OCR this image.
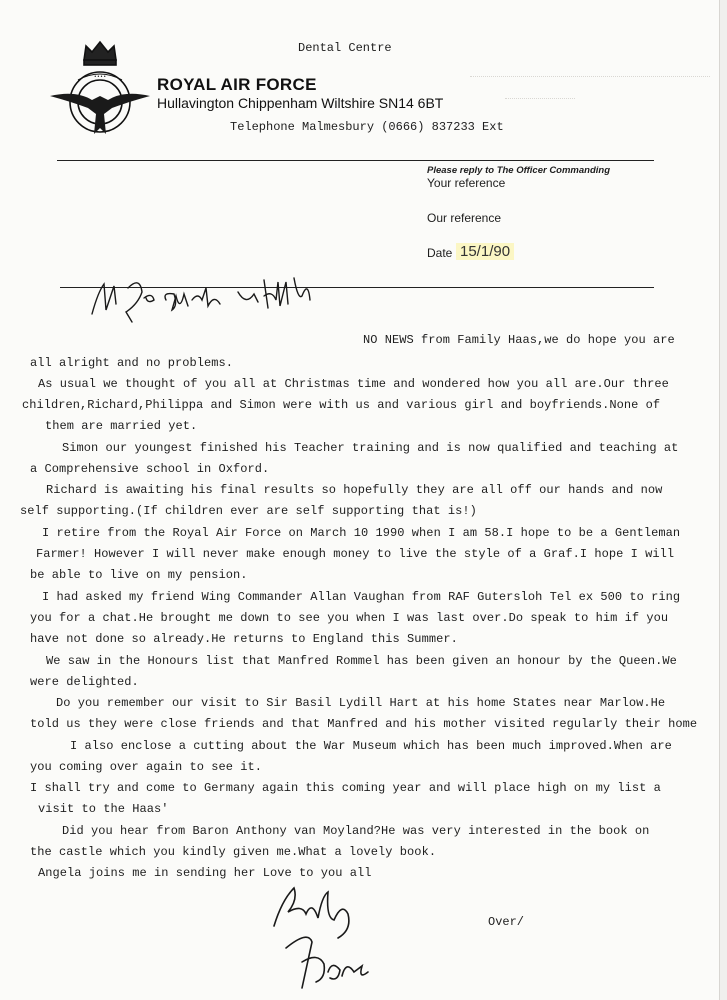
• • • •	ROYAL AIR FORCE
Hullavington Chippenham Wiltshire SN14 6BT
Dental Centre
Telephone Malmesbury (0666) 837233 Ext
Please reply to The Officer Commanding
Your reference
Our reference
Date 15/1/90
NO NEWS from Family Haas,we do hope you are
all alright and no problems.
As usual we thought of you all at Christmas time and wondered how you all are.Our three
children,Richard,Philippa and Simon were with us and various girl and boyfriends.None of
them are married yet.
Simon our youngest finished his Teacher training and is now qualified and teaching at
a Comprehensive school in Oxford.
Richard is awaiting his final results so hopefully they are all off our hands and now
self supporting.(If children ever are self supporting that is!)
I retire from the Royal Air Force on March 10 1990 when I am 58.I hope to be a Gentleman
Farmer! However I will never make enough money to live the style of a Graf.I hope I will
be able to live on my pension.
I had asked my friend Wing Commander Allan Vaughan from RAF Gutersloh Tel ex 500 to ring
you for a chat.He brought me down to see you when I was last over.Do speak to him if you
have not done so already.He returns to England this Summer.
We saw in the Honours list that Manfred Rommel has been given an honour by the Queen.We
were delighted.
Do you remember our visit to Sir Basil Lydill Hart at his home States near Marlow.He
told us they were close friends and that Manfred and his mother visited regularly their home
I also enclose a cutting about the War Museum which has been much improved.When are
you coming over again to see it.
I shall try and come to Germany again this coming year and will place high on my list a
visit to the Haas'
Did you hear from Baron Anthony van Moyland?He was very interested in the book on
the castle which you kindly given me.What a lovely book.
Angela joins me in sending her Love to you all
Over/
